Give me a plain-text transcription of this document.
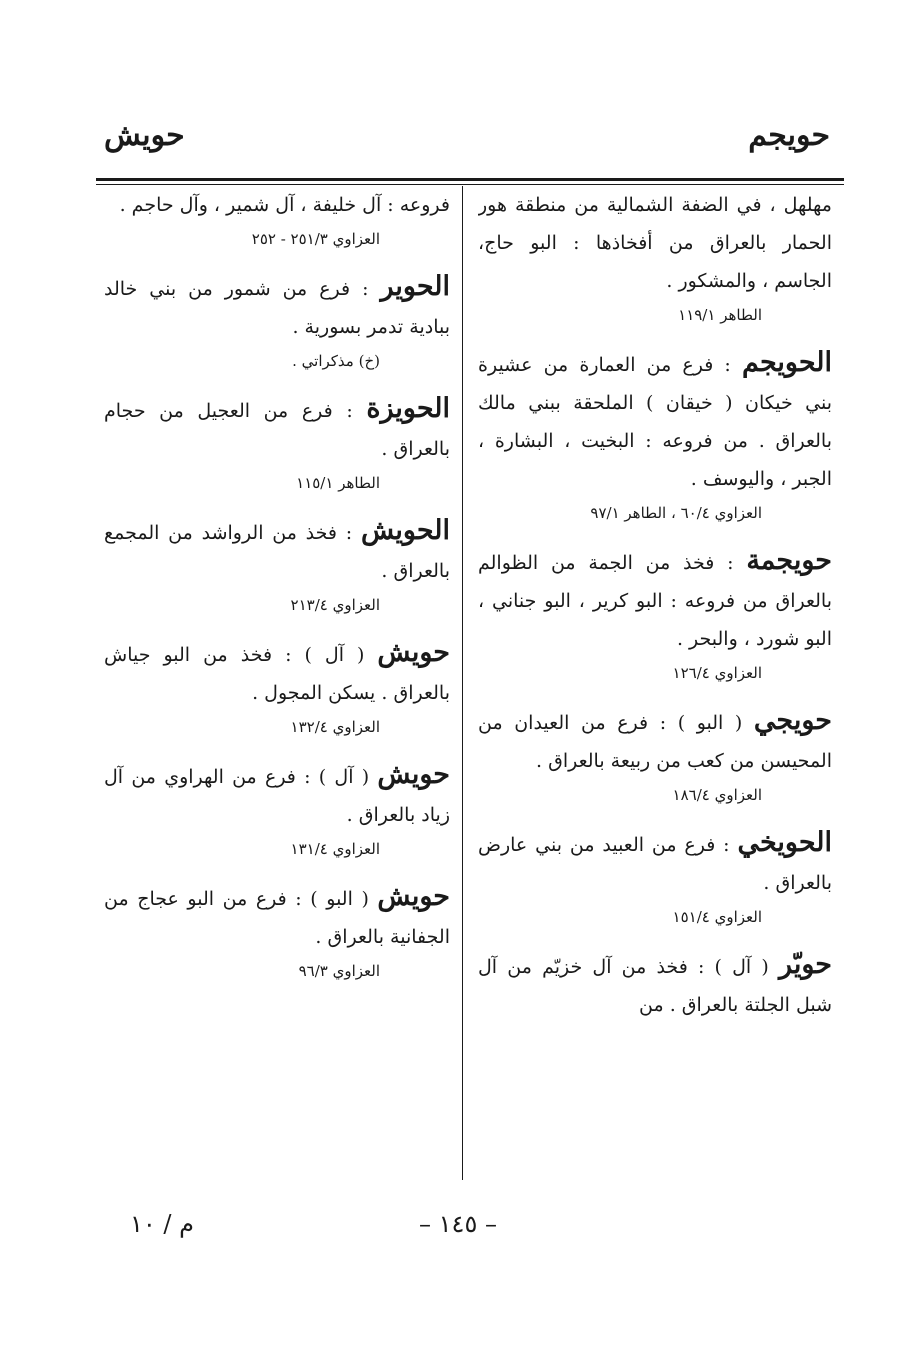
حويجم
حويش

مهلهل ، في الضفة الشمالية من منطقة هور الحمار بالعراق من أفخاذها : البو حاج، الجاسم ، والمشكور .

الطاهر ١١٩/١

الحويجم : فرع من العمارة من عشيرة بني خيكان ( خيقان ) الملحقة ببني مالك بالعراق . من فروعه : البخيت ، البشارة ، الجبر ، واليوسف .

العزاوي ٦٠/٤ ، الطاهر ٩٧/١

حويجمة : فخذ من الجمة من الظوالم بالعراق من فروعه : البو كرير ، البو جناني ، البو شورد ، والبحر .

العزاوي ١٢٦/٤

حويجي ( البو ) : فرع من العيدان من المحيسن من كعب من ربيعة بالعراق .

العزاوي ١٨٦/٤

الحويخي : فرع من العبيد من بني عارض بالعراق .

العزاوي ١٥١/٤

حويّر ( آل ) : فخذ من آل خزيّم من آل شبل الجلتة بالعراق . من

فروعه : آل خليفة ، آل شمير ، وآل حاجم .

العزاوي ٢٥١/٣ - ٢٥٢

الحوير : فرع من شمور من بني خالد ببادية تدمر بسورية .

(خ) مذكراتي .

الحويزة : فرع من العجيل من حجام بالعراق .

الطاهر ١١٥/١

الحويش : فخذ من الرواشد من المجمع بالعراق .

العزاوي ٢١٣/٤

حويش ( آل ) : فخذ من البو جياش بالعراق . يسكن المجول .

العزاوي ١٣٢/٤

حويش ( آل ) : فرع من الهراوي من آل زياد بالعراق .

العزاوي ١٣١/٤

حويش ( البو ) : فرع من البو عجاج من الجفانية بالعراق .

العزاوي ٩٦/٣

– ١٤٥ –
م / ١٠
